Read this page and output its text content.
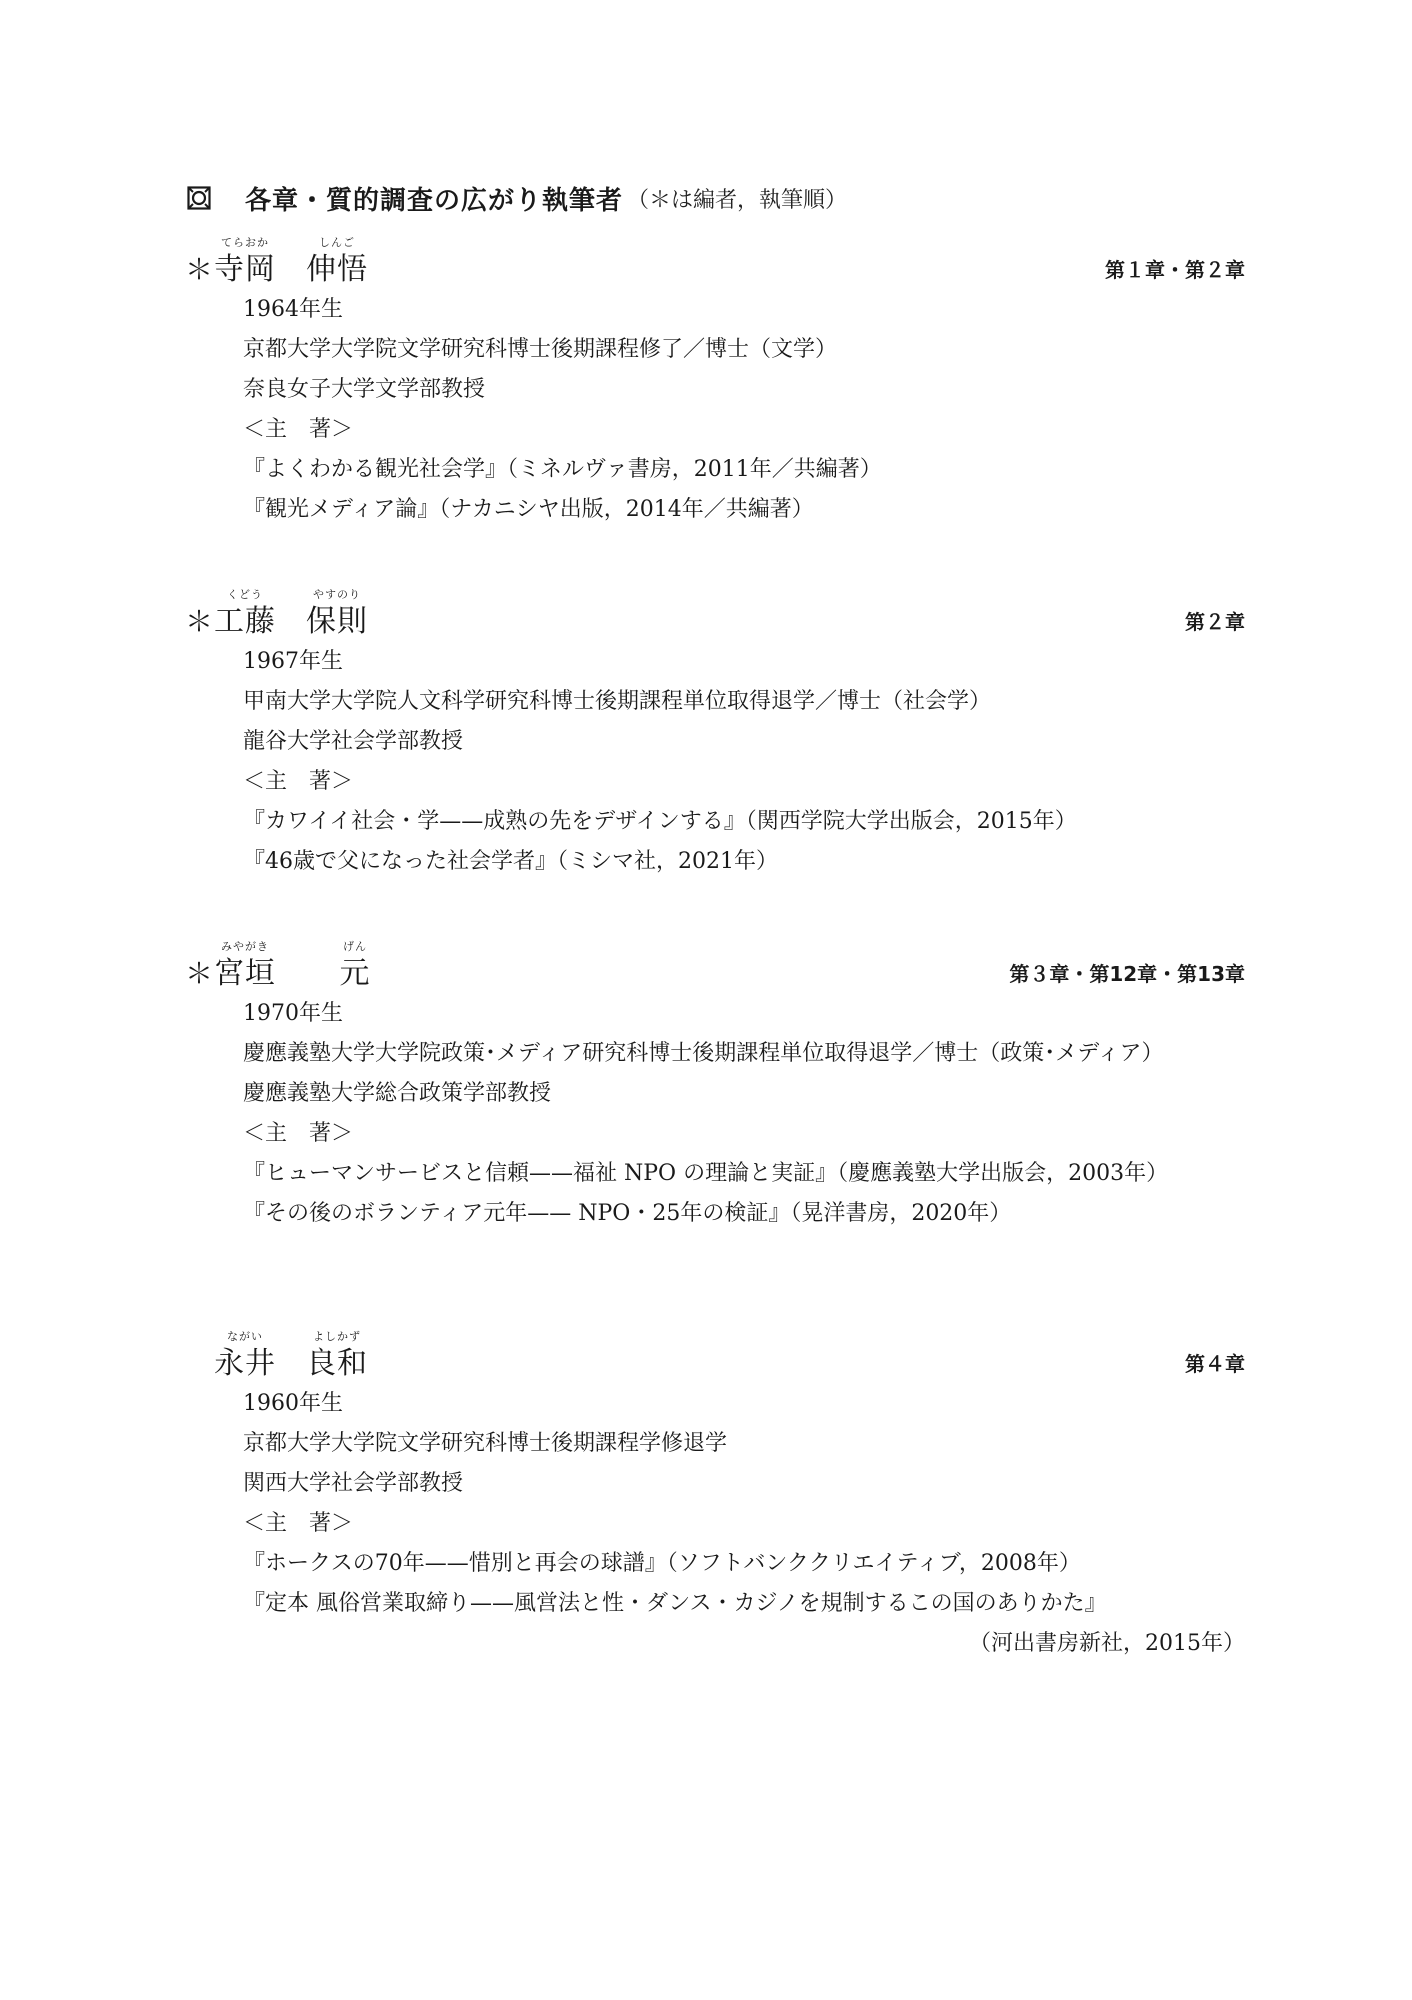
各章・質的調査の広がり執筆者 （＊は編者，執筆順）
＊
てらおか
寺岡
しんご
伸悟	第１章・第２章
1964年生
京都大学大学院文学研究科博士後期課程修了／博士（文学）
奈良女子大学文学部教授
＜主　著＞
『よくわかる観光社会学』（ミネルヴァ書房，2011年／共編著）
『観光メディア論』（ナカニシヤ出版，2014年／共編著）
＊
くどう
工藤
やすのり
保則	第２章
1967年生
甲南大学大学院人文科学研究科博士後期課程単位取得退学／博士（社会学）
龍谷大学社会学部教授
＜主　著＞
『カワイイ社会・学——成熟の先をデザインする』（関西学院大学出版会，2015年）
『46歳で父になった社会学者』（ミシマ社，2021年）
＊
みやがき
宮垣
げん
元	第３章・第12章・第13章
1970年生
慶應義塾大学大学院政策･メディア研究科博士後期課程単位取得退学／博士（政策･メディア）
慶應義塾大学総合政策学部教授
＜主　著＞
『ヒューマンサービスと信頼——福祉 NPO の理論と実証』（慶應義塾大学出版会，2003年）
『その後のボランティア元年—— NPO・25年の検証』（晃洋書房，2020年）
ながい
永井
よしかず
良和	第４章
1960年生
京都大学大学院文学研究科博士後期課程学修退学
関西大学社会学部教授
＜主　著＞
『ホークスの70年——惜別と再会の球譜』（ソフトバンククリエイティブ，2008年）
『定本 風俗営業取締り——風営法と性・ダンス・カジノを規制するこの国のありかた』
（河出書房新社，2015年）
